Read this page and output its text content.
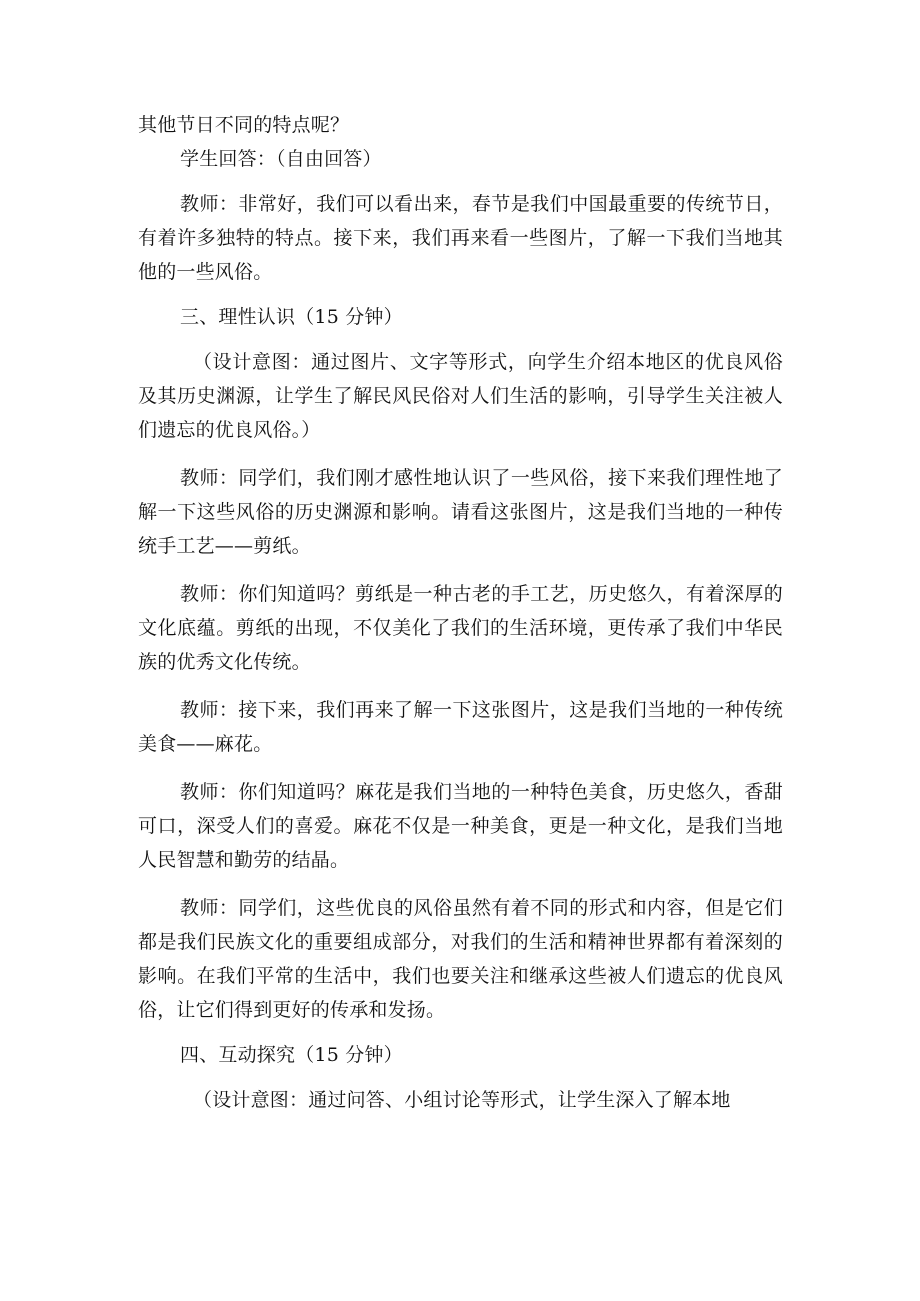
其他节日不同的特点呢？

学生回答：（自由回答）

教师：非常好，我们可以看出来，春节是我们中国最重要的传统节日，有着许多独特的特点。接下来，我们再来看一些图片，了解一下我们当地其他的一些风俗。

三、理性认识（15 分钟）

（设计意图：通过图片、文字等形式，向学生介绍本地区的优良风俗及其历史渊源，让学生了解民风民俗对人们生活的影响，引导学生关注被人们遗忘的优良风俗。）

教师：同学们，我们刚才感性地认识了一些风俗，接下来我们理性地了解一下这些风俗的历史渊源和影响。请看这张图片，这是我们当地的一种传统手工艺——剪纸。

教师：你们知道吗？剪纸是一种古老的手工艺，历史悠久，有着深厚的文化底蕴。剪纸的出现，不仅美化了我们的生活环境，更传承了我们中华民族的优秀文化传统。

教师：接下来，我们再来了解一下这张图片，这是我们当地的一种传统美食——麻花。

教师：你们知道吗？麻花是我们当地的一种特色美食，历史悠久，香甜可口，深受人们的喜爱。麻花不仅是一种美食，更是一种文化，是我们当地人民智慧和勤劳的结晶。

教师：同学们，这些优良的风俗虽然有着不同的形式和内容，但是它们都是我们民族文化的重要组成部分，对我们的生活和精神世界都有着深刻的影响。在我们平常的生活中，我们也要关注和继承这些被人们遗忘的优良风俗，让它们得到更好的传承和发扬。

四、互动探究（15 分钟）

（设计意图：通过问答、小组讨论等形式，让学生深入了解本地
